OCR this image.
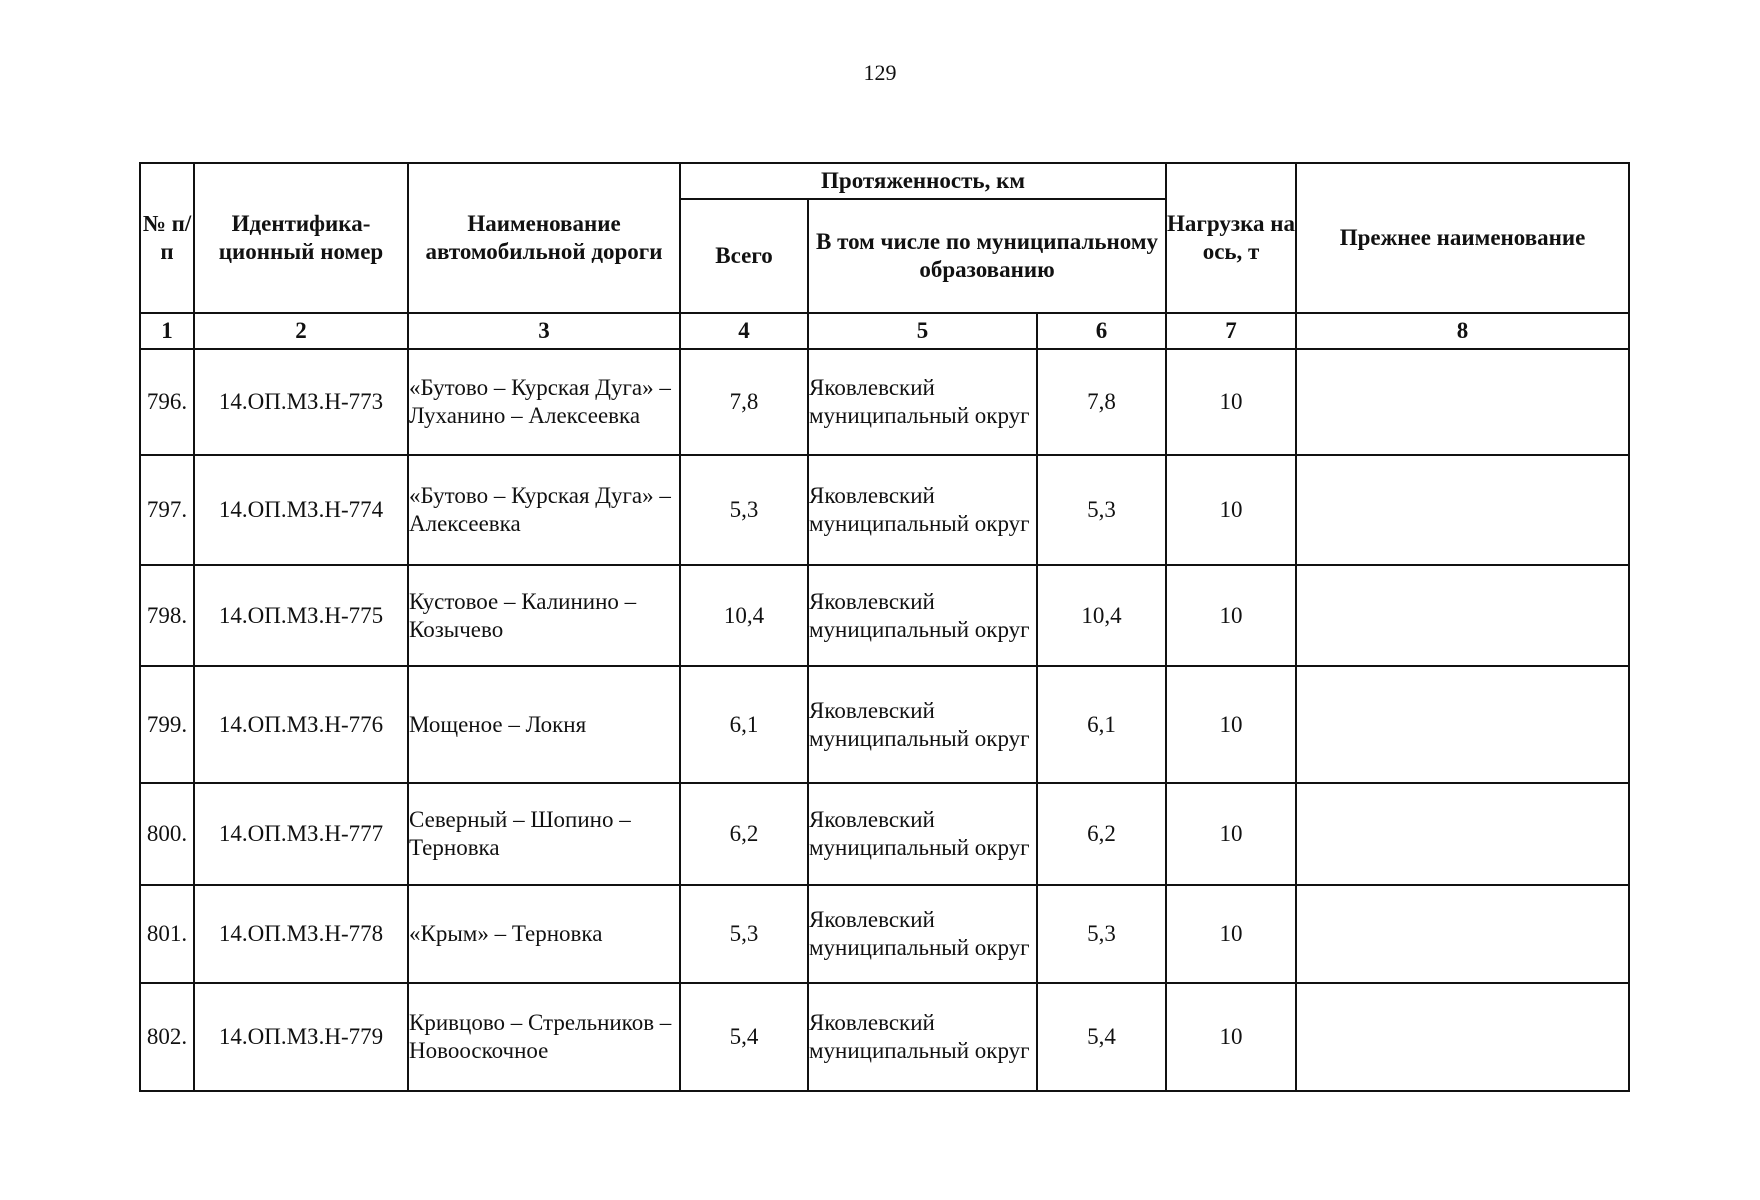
129
№ п/п	Идентифика-ционный номер	Наименование автомобильной дороги	Протяженность, км			Нагрузка на ось, т	Прежнее наименование
			Всего	В том числе по муниципальному образованию			
1	2	3	4	5	6	7	8
796.	14.ОП.МЗ.Н-773	«Бутово – Курская Дуга» – Луханино – Алексеевка	7,8	Яковлевский муниципальный округ	7,8	10	
797.	14.ОП.МЗ.Н-774	«Бутово – Курская Дуга» – Алексеевка	5,3	Яковлевский муниципальный округ	5,3	10	
798.	14.ОП.МЗ.Н-775	Кустовое – Калинино – Козычево	10,4	Яковлевский муниципальный округ	10,4	10	
799.	14.ОП.МЗ.Н-776	Мощеное – Локня	6,1	Яковлевский муниципальный округ	6,1	10	
800.	14.ОП.МЗ.Н-777	Северный – Шопино – Терновка	6,2	Яковлевский муниципальный округ	6,2	10	
801.	14.ОП.МЗ.Н-778	«Крым» – Терновка	5,3	Яковлевский муниципальный округ	5,3	10	
802.	14.ОП.МЗ.Н-779	Кривцово – Стрельников – Новооскочное	5,4	Яковлевский муниципальный округ	5,4	10	
